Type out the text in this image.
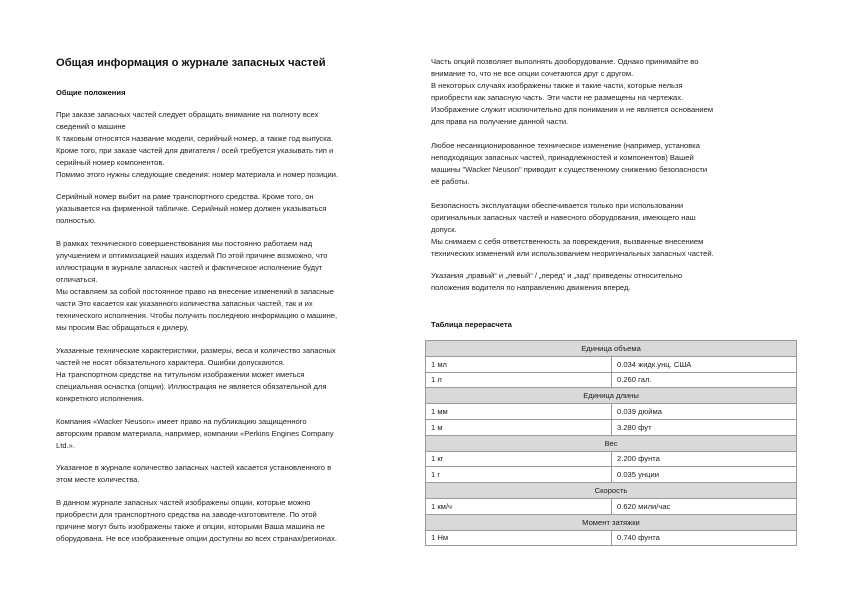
Общая информация о журнале запасных частей
Общие положения

При заказе запасных частей следует обращать внимание на полноту всех

сведений о машине

К таковым относятся название модели, серийный номер, а также год выпуска.

Кроме того, при заказе частей для двигателя / осей требуется указывать тип и

серийный номер компонентов.

Помимо этого нужны следующие сведения: номер материала и номер позиции.

Серийный номер выбит на раме транспортного средства. Кроме того, он

указывается на фирменной табличке. Серийный номер должен указываться

полностью.

В рамках технического совершенствования мы постоянно работаем над

улучшением и оптимизацией наших изделий По этой причине возможно, что

иллюстрации в журнале запасных частей и фактическое исполнение будут

отличаться.

Мы оставляем за собой постоянное право на внесение изменений в запасные

части Это касается как указанного количества запасных частей, так и их

технического исполнения. Чтобы получить последнюю информацию о машине,

мы просим Вас обращаться к дилеру.

Указанные технические характеристики, размеры, веса и количество запасных

частей не носят обязательного характера. Ошибки допускаются.

На транспортном средстве на титульном изображении может иметься

специальная оснастка (опции). Иллюстрация не является обязательной для

конкретного исполнения.

Компания «Wacker Neuson» имеет право на публикацию защищенного

авторским правом материала, например, компании «Perkins Engines Company

Ltd.».

Указанное в журнале количество запасных частей касается установленного в

этом месте количества.

В данном журнале запасных частей изображены опции, которые можно

приобрести для транспортного средства на заводе-изготовителе. По этой

причине могут быть изображены также и опции, которыми Ваша машина не

оборудована. Не все изображенные опции доступны во всех странах/регионах.

Таблица перерасчета

Часть опций позволяет выполнять дооборудование. Однако принимайте во

внимание то, что не все опции сочетаются друг с другом.

В некоторых случаях изображены также и такие части, которые нельзя

приобрести как запасную часть. Эти части не размещены на чертежах.

Изображение служит исключительно для понимания и не является основанием

для права на получение данной части.

Любое несанкционированное техническое изменение (например, установка

неподходящих запасных частей, принадлежностей и компонентов) Вашей

машины "Wacker Neuson" приводит к существенному снижению безопасности

её работы.

Безопасность эксплуатации обеспечивается только при использовании

оригинальных запасных частей и навесного оборудования, имеющего наш

допуск.

Мы снимаем с себя ответственность за повреждения, вызванные внесением

технических изменений или использованием неоригинальных запасных частей.

Указания „правый“ и „левый“ / „перед“ и „зад“ приведены относительно

положения водителя по направлению движения вперед.

Единица объема	
1 мл	0.034 жидк.унц. США
1 л	0.260 гал.
Единица длины	
1 мм	0.039 дюйма
1 м	3.280 фут
Вес	
1 кг	2.200 фунта
1 г	0.035 унции
Скорость	
1 км/ч	0.620 мили/час
Момент затяжки	
1 Нм	0.740 фунта
